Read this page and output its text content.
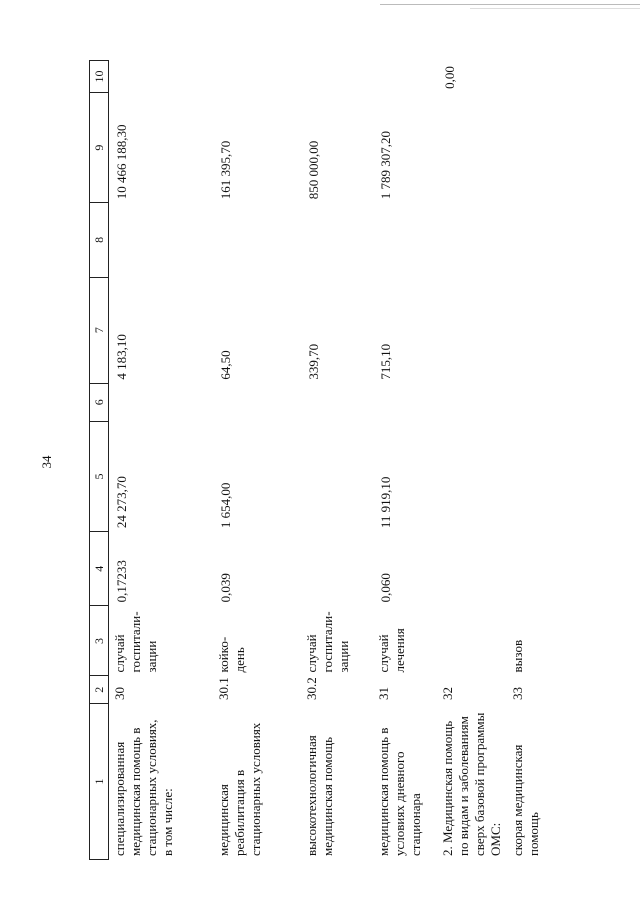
34
1	2	3	4	5	6	7	8	9	10
специализированная медицинская помощь в стационарных условиях,
в том числе:	30	случай госпитали-
зации	0,17233	24 273,70		4 183,10		10 466 188,30	
медицинская реабилитация в стационарных условиях	30.1	койко-
день	0,039	1 654,00		64,50		161 395,70	
высокотехнологичная медицинская помощь	30.2	случай госпитали-
зации				339,70		850 000,00	
медицинская помощь в условиях дневного стационара	31	случай лечения	0,060	11 919,10		715,10		1 789 307,20	
2. Медицинская помощь по видам и заболеваниям сверх базовой программы ОМС:	32								0,00
скорая медицинская помощь	33	вызов							
